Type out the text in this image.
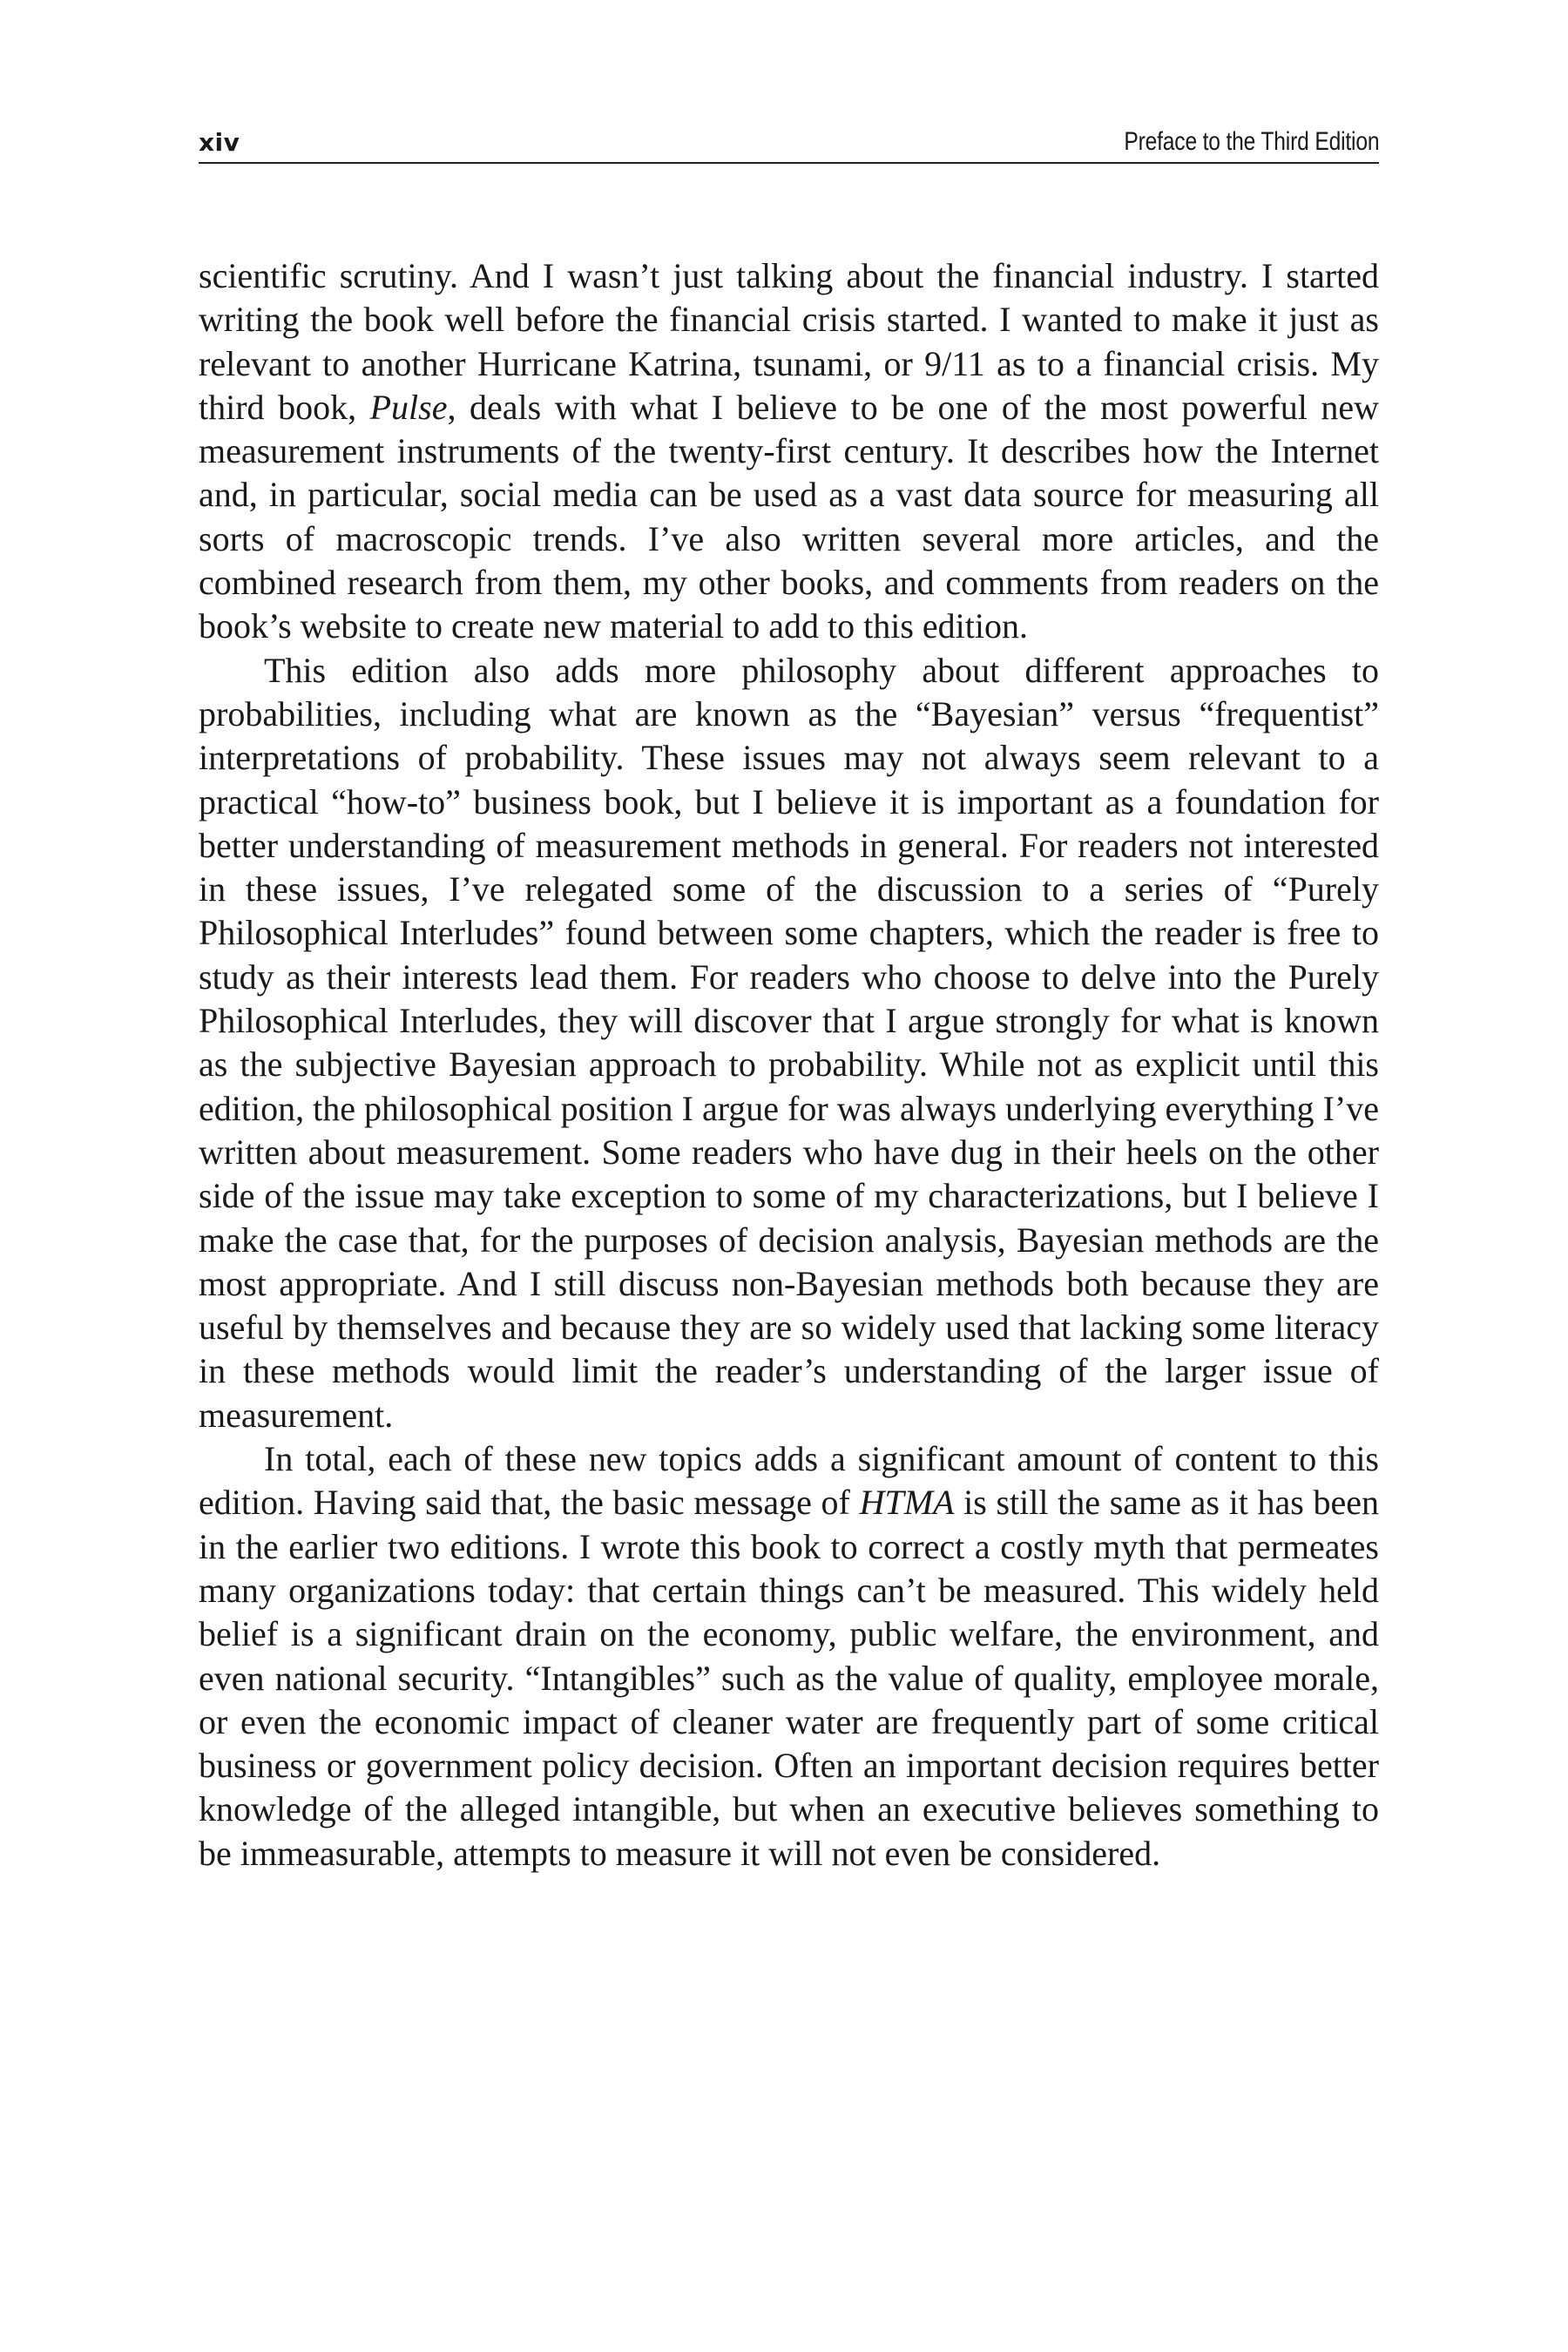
xiv	Preface to the Third Edition

scientific scrutiny. And I wasn’t just talking about the financial industry. I started writing the book well before the financial crisis started. I wanted to make it just as relevant to another Hurricane Katrina, tsunami, or 9/11 as to a financial crisis. My third book, Pulse, deals with what I believe to be one of the most powerful new measurement instruments of the twenty-first century. It describes how the Internet and, in particular, social media can be used as a vast data source for measuring all sorts of macroscopic trends. I’ve also written several more articles, and the combined research from them, my other books, and comments from readers on the book’s website to create new material to add to this edition.

This edition also adds more philosophy about different approaches to probabilities, including what are known as the “Bayesian” versus “frequentist” interpretations of probability. These issues may not always seem relevant to a practical “how-to” business book, but I believe it is important as a foundation for better understanding of measurement methods in general. For readers not interested in these issues, I’ve relegated some of the discussion to a series of “Purely Philosophical Interludes” found between some chapters, which the reader is free to study as their interests lead them. For readers who choose to delve into the Purely Philosophical Interludes, they will discover that I argue strongly for what is known as the subjective Bayesian approach to probability. While not as explicit until this edition, the philosophical position I argue for was always underlying everything I’ve written about measurement. Some readers who have dug in their heels on the other side of the issue may take exception to some of my characterizations, but I believe I make the case that, for the purposes of decision analysis, Bayesian methods are the most appropriate. And I still discuss non-Bayesian methods both because they are useful by themselves and because they are so widely used that lacking some literacy in these methods would limit the reader’s understanding of the larger issue of measurement.

In total, each of these new topics adds a significant amount of content to this edition. Having said that, the basic message of HTMA is still the same as it has been in the earlier two editions. I wrote this book to correct a costly myth that permeates many organizations today: that certain things can’t be measured. This widely held belief is a significant drain on the economy, public welfare, the environment, and even national security. “Intangibles” such as the value of quality, employee morale, or even the economic impact of cleaner water are frequently part of some critical business or government policy decision. Often an important decision requires better knowledge of the alleged intangible, but when an executive believes something to be immeasurable, attempts to measure it will not even be considered.
